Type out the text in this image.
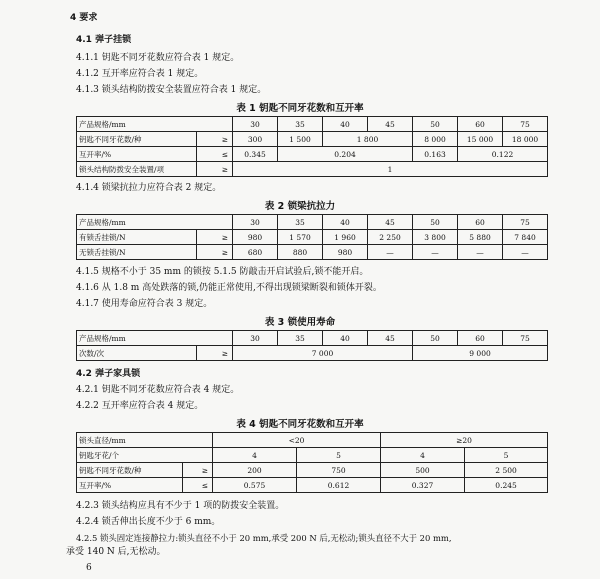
4 要求
4.1 弹子挂锁
4.1.1 钥匙不同牙花数应符合表 1 规定。
4.1.2 互开率应符合表 1 规定。
4.1.3 锁头结构防拨安全装置应符合表 1 规定。
表 1 钥匙不同牙花数和互开率
产品规格/mm		30	35	40	45	50	60	75
钥匙不同牙花数/种	≥	300	1 500	1 800		8 000	15 000	18 000
互开率/%	≤	0.345	0.204			0.163	0.122	
锁头结构防拨安全装置/项	≥	1						
4.1.4 锁梁抗拉力应符合表 2 规定。
表 2 锁梁抗拉力
产品规格/mm		30	35	40	45	50	60	75
有锁舌挂锁/N	≥	980	1 570	1 960	2 250	3 800	5 880	7 840
无锁舌挂锁/N	≥	680	880	980	—	—	—	—
4.1.5 规格不小于 35 mm 的锁按 5.1.5 防敲击开启试验后,锁不能开启。
4.1.6 从 1.8 m 高处跌落的锁,仍能正常使用,不得出现锁梁断裂和锁体开裂。
4.1.7 使用寿命应符合表 3 规定。
表 3 锁使用寿命
产品规格/mm		30	35	40	45	50	60	75
次数/次	≥	7 000				9 000		
4.2 弹子家具锁
4.2.1 钥匙不同牙花数应符合表 4 规定。
4.2.2 互开率应符合表 4 规定。
表 4 钥匙不同牙花数和互开率
锁头直径/mm		<20		≥20	
钥匙牙花/个		4	5	4	5
钥匙不同牙花数/种	≥	200	750	500	2 500
互开率/%	≤	0.575	0.612	0.327	0.245
4.2.3 锁头结构应具有不少于 1 项的防拨安全装置。
4.2.4 锁舌伸出长度不少于 6 mm。
4.2.5 锁头固定连接静拉力:锁头直径不小于 20 mm,承受 200 N 后,无松动;锁头直径不大于 20 mm,
承受 140 N 后,无松动。
6
